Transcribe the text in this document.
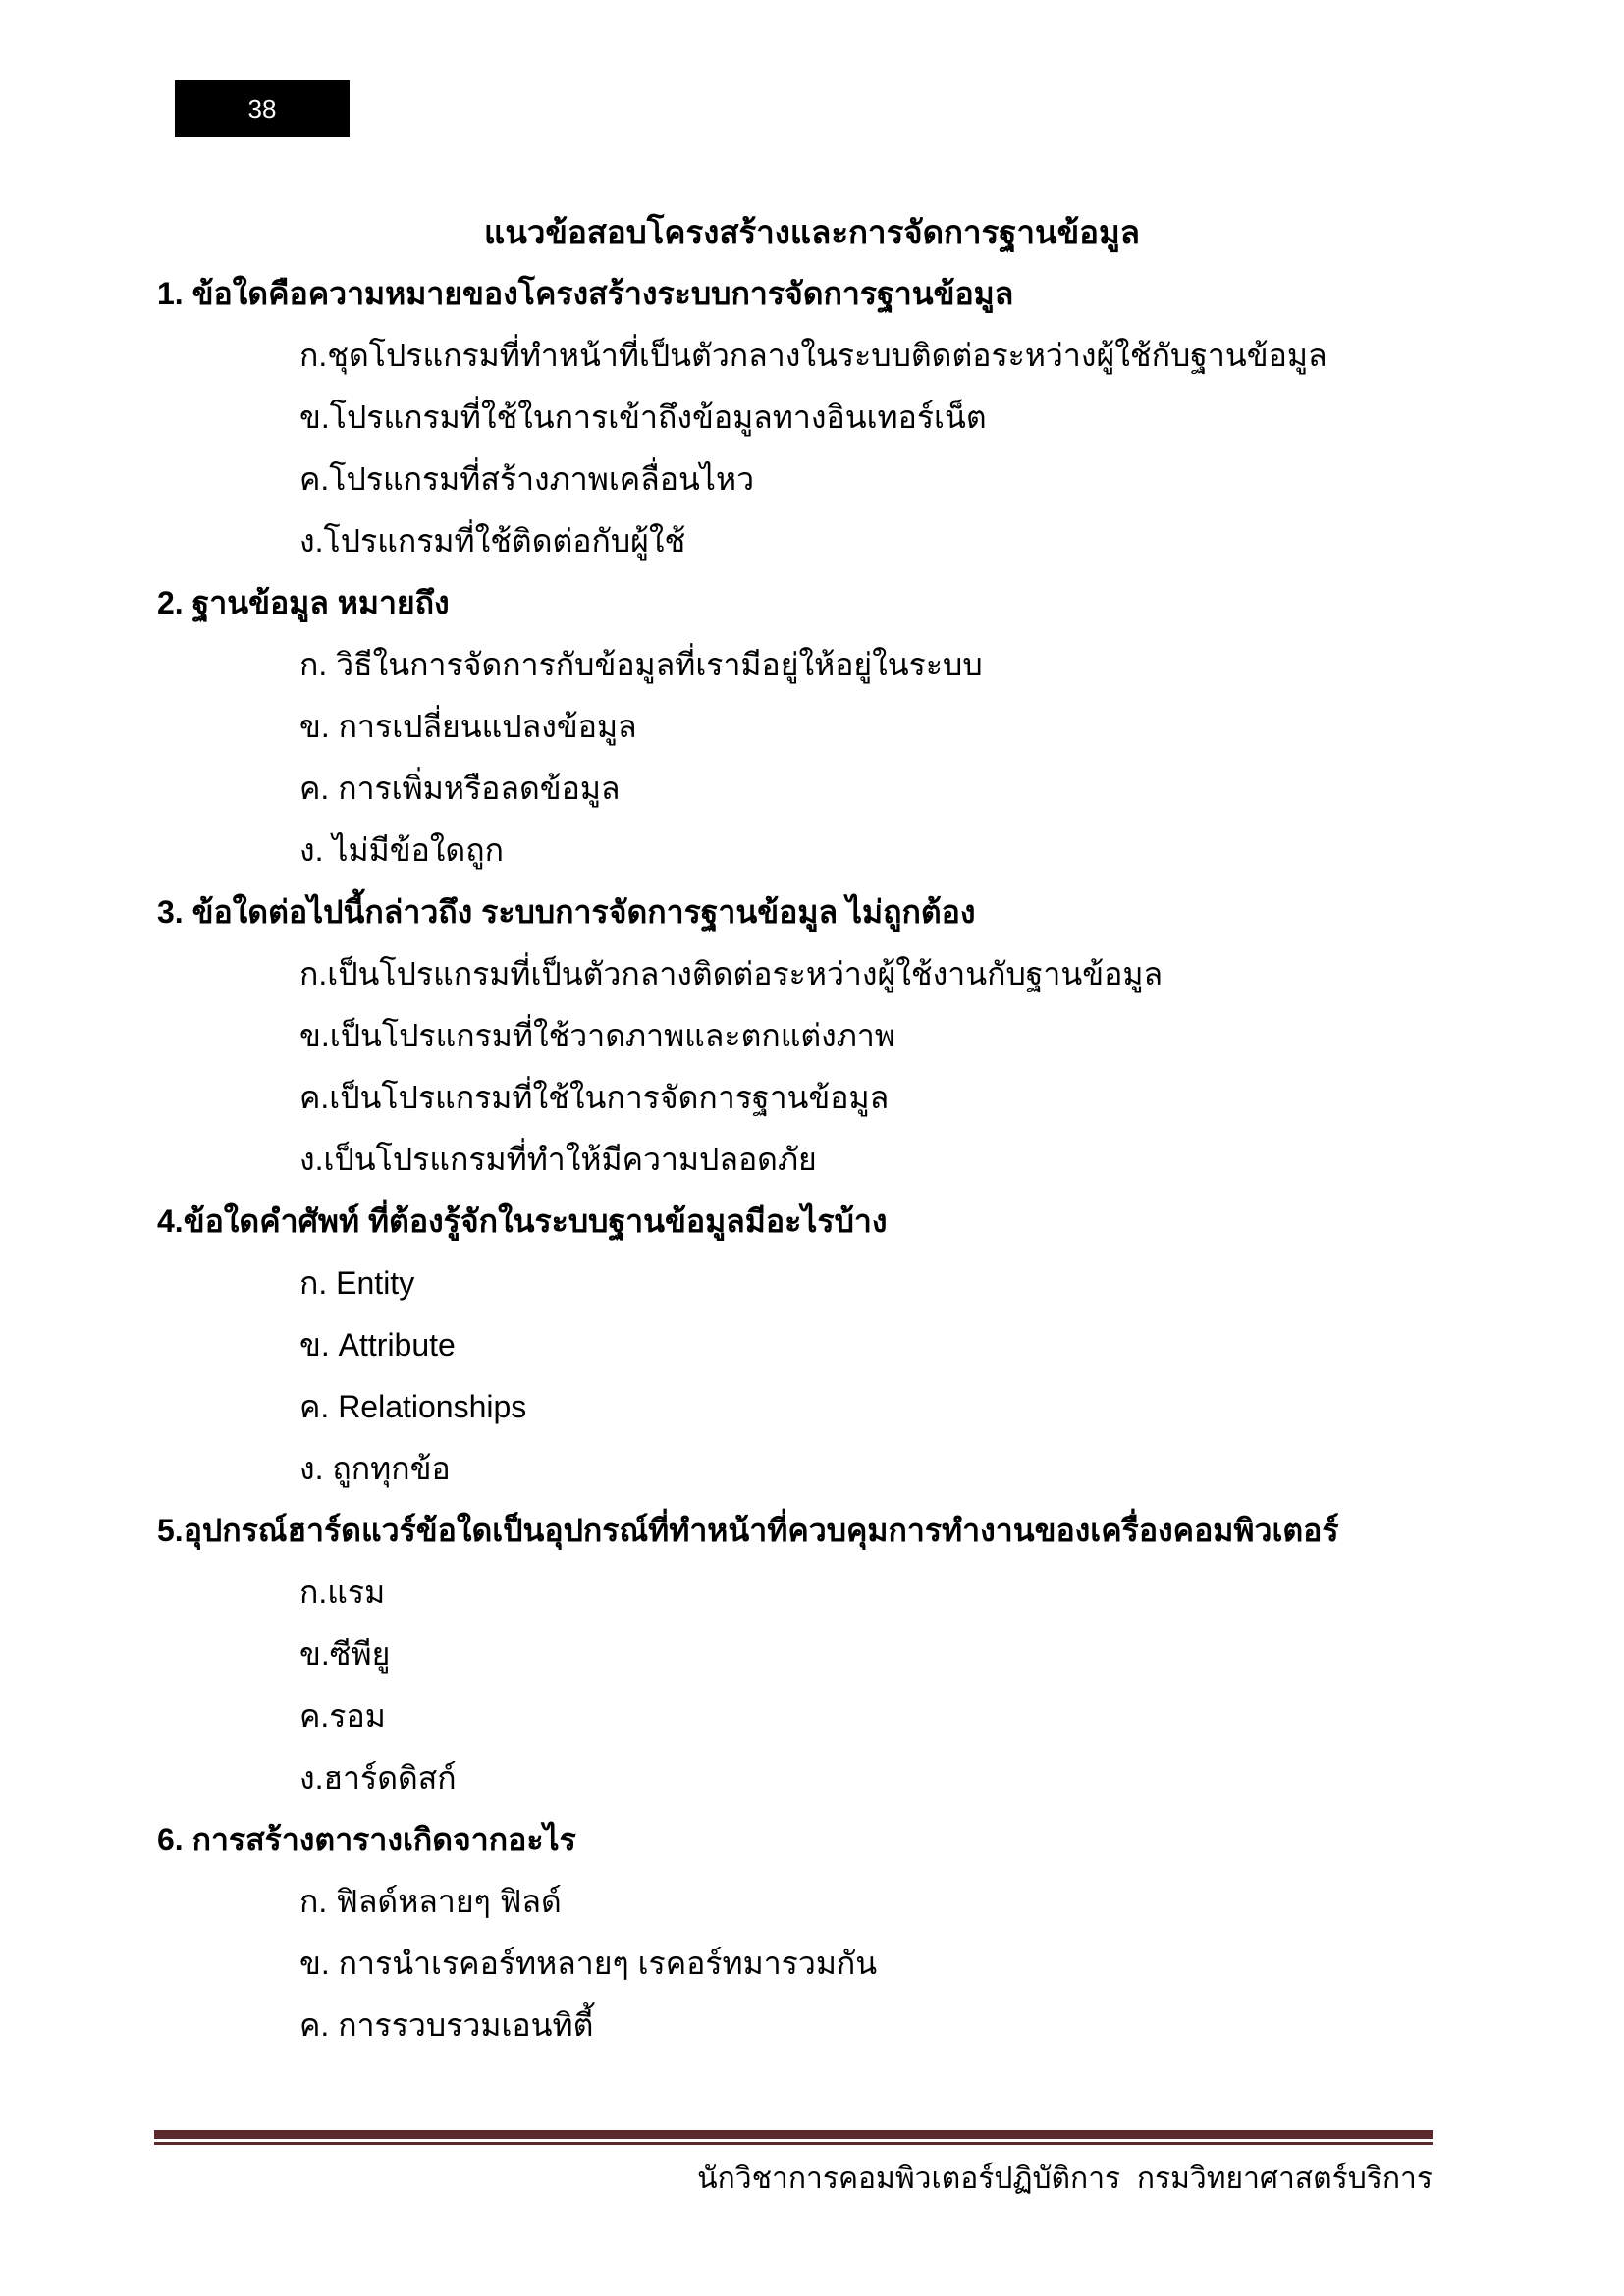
38
แนวข้อสอบโครงสร้างและการจัดการฐานข้อมูล
1. ข้อใดคือความหมายของโครงสร้างระบบการจัดการฐานข้อมูล
ก.ชุดโปรแกรมที่ทำหน้าที่เป็นตัวกลางในระบบติดต่อระหว่างผู้ใช้กับฐานข้อมูล
ข.โปรแกรมที่ใช้ในการเข้าถึงข้อมูลทางอินเทอร์เน็ต
ค.โปรแกรมที่สร้างภาพเคลื่อนไหว
ง.โปรแกรมที่ใช้ติดต่อกับผู้ใช้
2. ฐานข้อมูล หมายถึง
ก. วิธีในการจัดการกับข้อมูลที่เรามีอยู่ให้อยู่ในระบบ
ข. การเปลี่ยนแปลงข้อมูล
ค. การเพิ่มหรือลดข้อมูล
ง. ไม่มีข้อใดถูก
3. ข้อใดต่อไปนี้กล่าวถึง ระบบการจัดการฐานข้อมูล ไม่ถูกต้อง
ก.เป็นโปรแกรมที่เป็นตัวกลางติดต่อระหว่างผู้ใช้งานกับฐานข้อมูล
ข.เป็นโปรแกรมที่ใช้วาดภาพและตกแต่งภาพ
ค.เป็นโปรแกรมที่ใช้ในการจัดการฐานข้อมูล
ง.เป็นโปรแกรมที่ทำให้มีความปลอดภัย
4.ข้อใดคำศัพท์ ที่ต้องรู้จักในระบบฐานข้อมูลมีอะไรบ้าง
ก. Entity
ข. Attribute
ค. Relationships
ง. ถูกทุกข้อ
5.อุปกรณ์ฮาร์ดแวร์ข้อใดเป็นอุปกรณ์ที่ทำหน้าที่ควบคุมการทำงานของเครื่องคอมพิวเตอร์
ก.แรม
ข.ซีพียู
ค.รอม
ง.ฮาร์ดดิสก์
6. การสร้างตารางเกิดจากอะไร
ก. ฟิลด์หลายๆ ฟิลด์
ข. การนำเรคอร์ทหลายๆ เรคอร์ทมารวมกัน
ค. การรวบรวมเอนทิตี้
นักวิชาการคอมพิวเตอร์ปฏิบัติการ  กรมวิทยาศาสตร์บริการ
